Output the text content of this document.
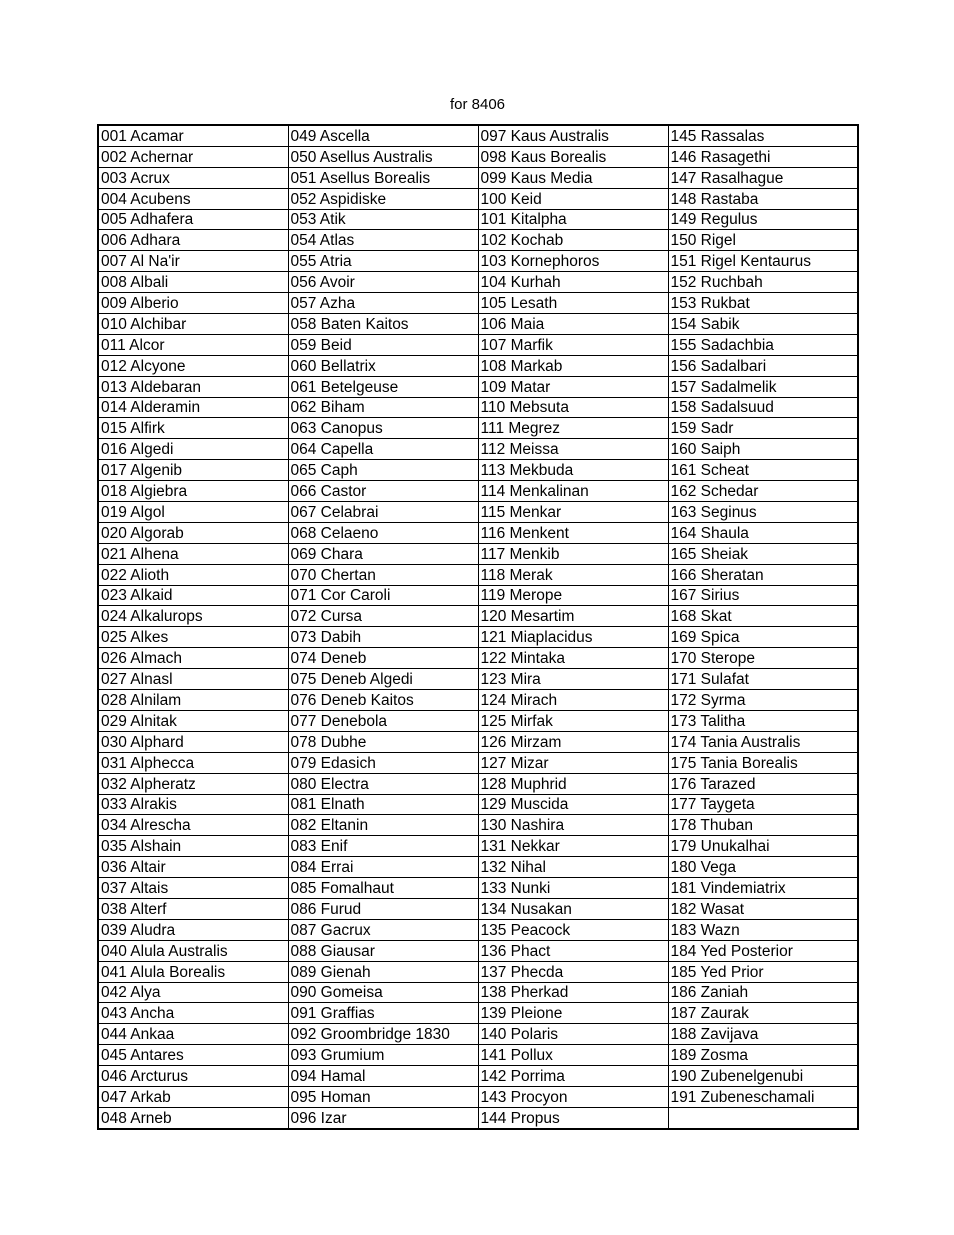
for 8406
001 Acamar	049 Ascella	097 Kaus Australis	145 Rassalas
002 Achernar	050 Asellus Australis	098 Kaus Borealis	146 Rasagethi
003 Acrux	051 Asellus Borealis	099 Kaus Media	147 Rasalhague
004 Acubens	052 Aspidiske	100 Keid	148 Rastaba
005 Adhafera	053 Atik	101 Kitalpha	149 Regulus
006 Adhara	054 Atlas	102 Kochab	150 Rigel
007 Al Na'ir	055 Atria	103 Kornephoros	151 Rigel Kentaurus
008 Albali	056 Avoir	104 Kurhah	152 Ruchbah
009 Alberio	057 Azha	105 Lesath	153 Rukbat
010 Alchibar	058 Baten Kaitos	106 Maia	154 Sabik
011 Alcor	059 Beid	107 Marfik	155 Sadachbia
012 Alcyone	060 Bellatrix	108 Markab	156 Sadalbari
013 Aldebaran	061 Betelgeuse	109 Matar	157 Sadalmelik
014 Alderamin	062 Biham	110 Mebsuta	158 Sadalsuud
015 Alfirk	063 Canopus	111 Megrez	159 Sadr
016 Algedi	064 Capella	112 Meissa	160 Saiph
017 Algenib	065 Caph	113 Mekbuda	161 Scheat
018 Algiebra	066 Castor	114 Menkalinan	162 Schedar
019 Algol	067 Celabrai	115 Menkar	163 Seginus
020 Algorab	068 Celaeno	116 Menkent	164 Shaula
021 Alhena	069 Chara	117 Menkib	165 Sheiak
022 Alioth	070 Chertan	118 Merak	166 Sheratan
023 Alkaid	071 Cor Caroli	119 Merope	167 Sirius
024 Alkalurops	072 Cursa	120 Mesartim	168 Skat
025 Alkes	073 Dabih	121 Miaplacidus	169 Spica
026 Almach	074 Deneb	122 Mintaka	170 Sterope
027 Alnasl	075 Deneb Algedi	123 Mira	171 Sulafat
028 Alnilam	076 Deneb Kaitos	124 Mirach	172 Syrma
029 Alnitak	077 Denebola	125 Mirfak	173 Talitha
030 Alphard	078 Dubhe	126 Mirzam	174 Tania Australis
031 Alphecca	079 Edasich	127 Mizar	175 Tania Borealis
032 Alpheratz	080 Electra	128 Muphrid	176 Tarazed
033 Alrakis	081 Elnath	129 Muscida	177 Taygeta
034 Alrescha	082 Eltanin	130 Nashira	178 Thuban
035 Alshain	083 Enif	131 Nekkar	179 Unukalhai
036 Altair	084 Errai	132 Nihal	180 Vega
037 Altais	085 Fomalhaut	133 Nunki	181 Vindemiatrix
038 Alterf	086 Furud	134 Nusakan	182 Wasat
039 Aludra	087 Gacrux	135 Peacock	183 Wazn
040 Alula Australis	088 Giausar	136 Phact	184 Yed Posterior
041 Alula Borealis	089 Gienah	137 Phecda	185 Yed Prior
042 Alya	090 Gomeisa	138 Pherkad	186 Zaniah
043 Ancha	091 Graffias	139 Pleione	187 Zaurak
044 Ankaa	092 Groombridge 1830	140 Polaris	188 Zavijava
045 Antares	093 Grumium	141 Pollux	189 Zosma
046 Arcturus	094 Hamal	142 Porrima	190 Zubenelgenubi
047 Arkab	095 Homan	143 Procyon	191 Zubeneschamali
048 Arneb	096 Izar	144 Propus	
